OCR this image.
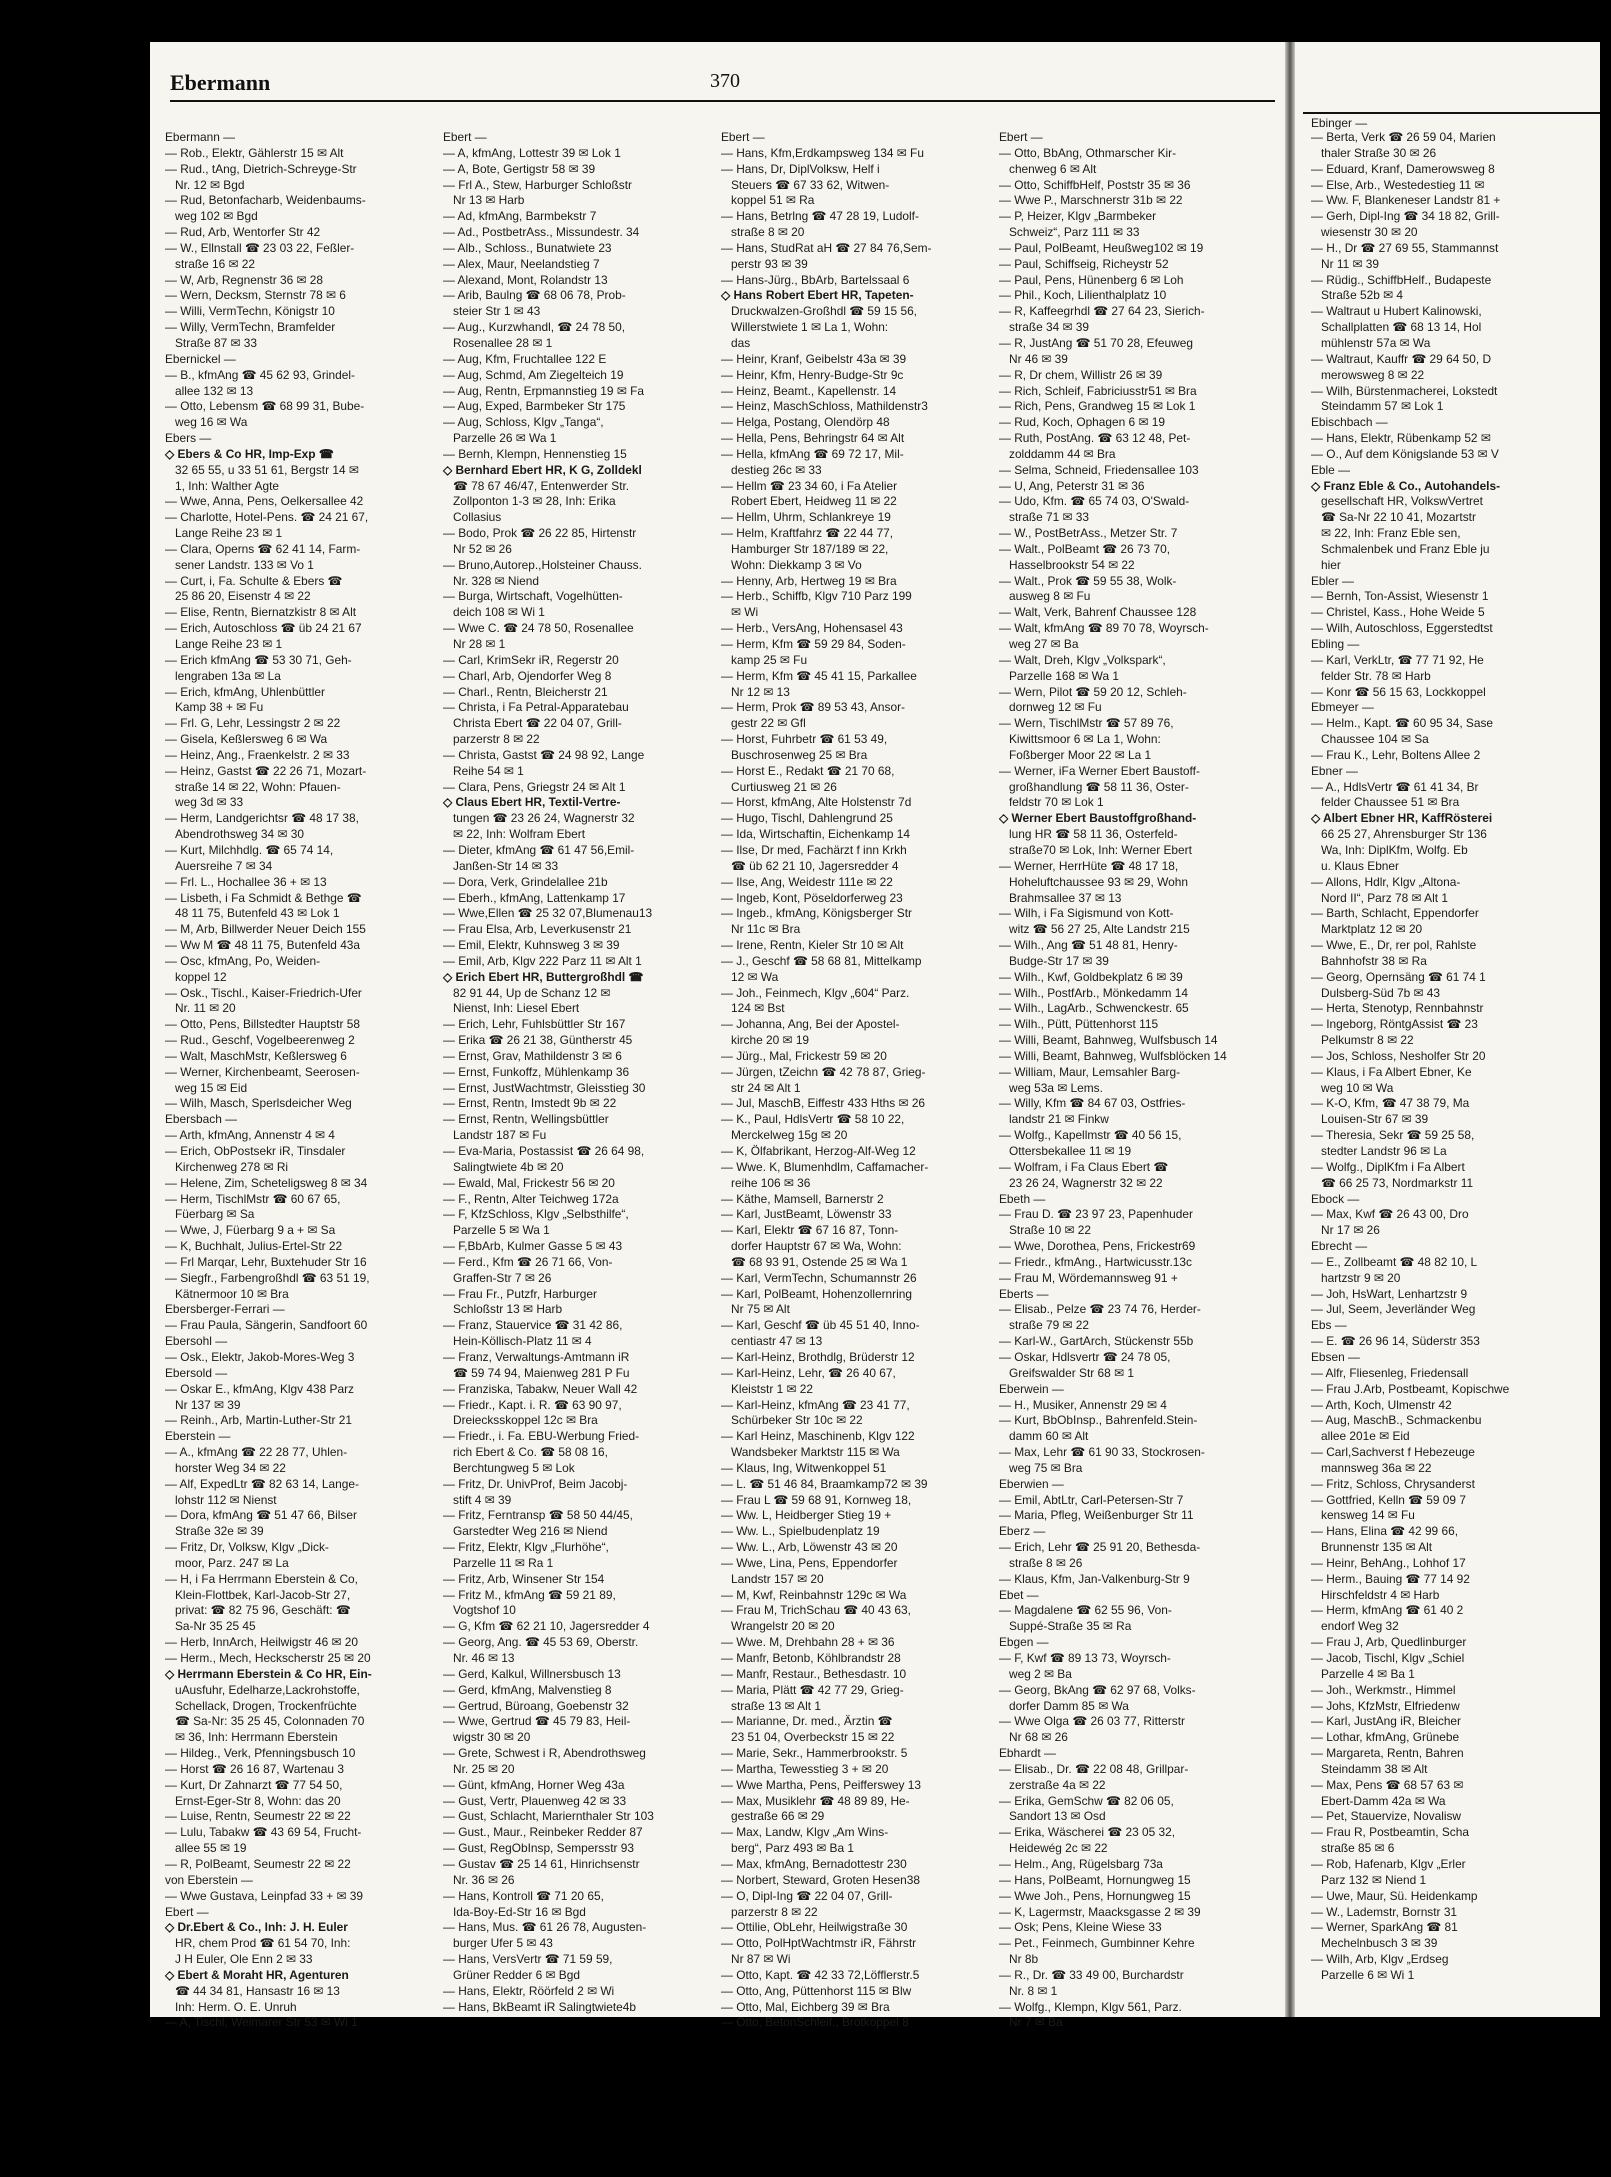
Ebermann	370
Ebermann —
— Rob., Elektr, Gählerstr 15 ✉ Alt
— Rud., tAng, Dietrich-Schreyge-Str
Nr. 12 ✉ Bgd
— Rud, Betonfacharb, Weidenbaums-
weg 102 ✉ Bgd
— Rud, Arb, Wentorfer Str 42
— W., Ellnstall ☎ 23 03 22, Feßler-
straße 16 ✉ 22
— W, Arb, Regnenstr 36 ✉ 28
— Wern, Decksm, Sternstr 78 ✉ 6
— Willi, VermTechn, Königstr 10
— Willy, VermTechn, Bramfelder
Straße 87 ✉ 33
Ebernickel —
— B., kfmAng ☎ 45 62 93, Grindel-
allee 132 ✉ 13
— Otto, Lebensm ☎ 68 99 31, Bube-
weg 16 ✉ Wa
Ebers —
◇ Ebers & Co HR, Imp-Exp ☎
32 65 55, u 33 51 61, Bergstr 14 ✉
1, Inh: Walther Agte
— Wwe, Anna, Pens, Oelkersallee 42
— Charlotte, Hotel-Pens. ☎ 24 21 67,
Lange Reihe 23 ✉ 1
— Clara, Operns ☎ 62 41 14, Farm-
sener Landstr. 133 ✉ Vo 1
— Curt, i, Fa. Schulte & Ebers ☎
25 86 20, Eisenstr 4 ✉ 22
— Elise, Rentn, Biernatzkistr 8 ✉ Alt
— Erich, Autoschloss ☎ üb 24 21 67
Lange Reihe 23 ✉ 1
— Erich kfmAng ☎ 53 30 71, Geh-
lengraben 13a ✉ La
— Erich, kfmAng, Uhlenbüttler
Kamp 38 + ✉ Fu
— Frl. G, Lehr, Lessingstr 2 ✉ 22
— Gisela, Keßlersweg 6 ✉ Wa
— Heinz, Ang., Fraenkelstr. 2 ✉ 33
— Heinz, Gastst ☎ 22 26 71, Mozart-
straße 14 ✉ 22, Wohn: Pfauen-
weg 3d ✉ 33
— Herm, Landgerichtsr ☎ 48 17 38,
Abendrothsweg 34 ✉ 30
— Kurt, Milchhdlg. ☎ 65 74 14,
Auersreihe 7 ✉ 34
— Frl. L., Hochallee 36 + ✉ 13
— Lisbeth, i Fa Schmidt & Bethge ☎
48 11 75, Butenfeld 43 ✉ Lok 1
— M, Arb, Billwerder Neuer Deich 155
— Ww M ☎ 48 11 75, Butenfeld 43a
— Osc, kfmAng, Po, Weiden-
koppel 12
— Osk., Tischl., Kaiser-Friedrich-Ufer
Nr. 11 ✉ 20
— Otto, Pens, Billstedter Hauptstr 58
— Rud., Geschf, Vogelbeerenweg 2
— Walt, MaschMstr, Keßlersweg 6
— Werner, Kirchenbeamt, Seerosen-
weg 15 ✉ Eid
— Wilh, Masch, Sperlsdeicher Weg
Ebersbach —
— Arth, kfmAng, Annenstr 4 ✉ 4
— Erich, ObPostsekr iR, Tinsdaler
Kirchenweg 278 ✉ Ri
— Helene, Zim, Scheteligsweg 8 ✉ 34
— Herm, TischlMstr ☎ 60 67 65,
Füerbarg ✉ Sa
— Wwe, J, Füerbarg 9 a + ✉ Sa
— K, Buchhalt, Julius-Ertel-Str 22
— Frl Marqar, Lehr, Buxtehuder Str 16
— Siegfr., Farbengroßhdl ☎ 63 51 19,
Kätnermoor 10 ✉ Bra
Ebersberger-Ferrari —
— Frau Paula, Sängerin, Sandfoort 60
Ebersohl —
— Osk., Elektr, Jakob-Mores-Weg 3
Ebersold —
— Oskar E., kfmAng, Klgv 438 Parz
Nr 137 ✉ 39
— Reinh., Arb, Martin-Luther-Str 21
Eberstein —
— A., kfmAng ☎ 22 28 77, Uhlen-
horster Weg 34 ✉ 22
— Alf, ExpedLtr ☎ 82 63 14, Lange-
lohstr 112 ✉ Nienst
— Dora, kfmAng ☎ 51 47 66, Bilser
Straße 32e ✉ 39
— Fritz, Dr, Volksw, Klgv „Dick-
moor, Parz. 247 ✉ La
— H, i Fa Herrmann Eberstein & Co,
Klein-Flottbek, Karl-Jacob-Str 27,
privat: ☎ 82 75 96, Geschäft: ☎
Sa-Nr 35 25 45
— Herb, InnArch, Heilwigstr 46 ✉ 20
— Herm., Mech, Heckscherstr 25 ✉ 20
◇ Herrmann Eberstein & Co HR, Ein-
uAusfuhr, Edelharze,Lackrohstoffe,
Schellack, Drogen, Trockenfrüchte
☎ Sa-Nr: 35 25 45, Colonnaden 70
✉ 36, Inh: Herrmann Eberstein
— Hildeg., Verk, Pfenningsbusch 10
— Horst ☎ 26 16 87, Wartenau 3
— Kurt, Dr Zahnarzt ☎ 77 54 50,
Ernst-Eger-Str 8, Wohn: das 20
— Luise, Rentn, Seumestr 22 ✉ 22
— Lulu, Tabakw ☎ 43 69 54, Frucht-
allee 55 ✉ 19
— R, PolBeamt, Seumestr 22 ✉ 22
von Eberstein —
— Wwe Gustava, Leinpfad 33 + ✉ 39
Ebert —
◇ Dr.Ebert & Co., Inh: J. H. Euler
HR, chem Prod ☎ 61 54 70, Inh:
J H Euler, Ole Enn 2 ✉ 33
◇ Ebert & Moraht HR, Agenturen
☎ 44 34 81, Hansastr 16 ✉ 13
Inh: Herm. O. E. Unruh
— A, Tischl, Weimarer Str 53 ✉ Wi 1
Ebert —
— A, kfmAng, Lottestr 39 ✉ Lok 1
— A, Bote, Gertigstr 58 ✉ 39
— Frl A., Stew, Harburger Schloßstr
Nr 13 ✉ Harb
— Ad, kfmAng, Barmbekstr 7
— Ad., PostbetrAss., Missundestr. 34
— Alb., Schloss., Bunatwiete 23
— Alex, Maur, Neelandstieg 7
— Alexand, Mont, Rolandstr 13
— Arib, Baulng ☎ 68 06 78, Prob-
steier Str 1 ✉ 43
— Aug., Kurzwhandl, ☎ 24 78 50,
Rosenallee 28 ✉ 1
— Aug, Kfm, Fruchtallee 122 E
— Aug, Schmd, Am Ziegelteich 19
— Aug, Rentn, Erpmannstieg 19 ✉ Fa
— Aug, Exped, Barmbeker Str 175
— Aug, Schloss, Klgv „Tanga“,
Parzelle 26 ✉ Wa 1
— Bernh, Klempn, Hennenstieg 15
◇ Bernhard Ebert HR, K G, Zolldekl
☎ 78 67 46/47, Entenwerder Str.
Zollponton 1-3 ✉ 28, Inh: Erika
Collasius
— Bodo, Prok ☎ 26 22 85, Hirtenstr
Nr 52 ✉ 26
— Bruno,Autorep.,Holsteiner Chauss.
Nr. 328 ✉ Niend
— Burga, Wirtschaft, Vogelhütten-
deich 108 ✉ Wi 1
— Wwe C. ☎ 24 78 50, Rosenallee
Nr 28 ✉ 1
— Carl, KrimSekr iR, Regerstr 20
— Charl, Arb, Ojendorfer Weg 8
— Charl., Rentn, Bleicherstr 21
— Christa, i Fa Petral-Apparatebau
Christa Ebert ☎ 22 04 07, Grill-
parzerstr 8 ✉ 22
— Christa, Gastst ☎ 24 98 92, Lange
Reihe 54 ✉ 1
— Clara, Pens, Griegstr 24 ✉ Alt 1
◇ Claus Ebert HR, Textil-Vertre-
tungen ☎ 23 26 24, Wagnerstr 32
✉ 22, Inh: Wolfram Ebert
— Dieter, kfmAng ☎ 61 47 56,Emil-
Janßen-Str 14 ✉ 33
— Dora, Verk, Grindelallee 21b
— Eberh., kfmAng, Lattenkamp 17
— Wwe,Ellen ☎ 25 32 07,Blumenau13
— Frau Elsa, Arb, Leverkusenstr 21
— Emil, Elektr, Kuhnsweg 3 ✉ 39
— Emil, Arb, Klgv 222 Parz 11 ✉ Alt 1
◇ Erich Ebert HR, Buttergroßhdl ☎
82 91 44, Up de Schanz 12 ✉
Nienst, Inh: Liesel Ebert
— Erich, Lehr, Fuhlsbüttler Str 167
— Erika ☎ 26 21 38, Güntherstr 45
— Ernst, Grav, Mathildenstr 3 ✉ 6
— Ernst, Funkoffz, Mühlenkamp 36
— Ernst, JustWachtmstr, Gleisstieg 30
— Ernst, Rentn, Imstedt 9b ✉ 22
— Ernst, Rentn, Wellingsbüttler
Landstr 187 ✉ Fu
— Eva-Maria, Postassist ☎ 26 64 98,
Salingtwiete 4b ✉ 20
— Ewald, Mal, Frickestr 56 ✉ 20
— F., Rentn, Alter Teichweg 172a
— F, KfzSchloss, Klgv „Selbsthilfe“,
Parzelle 5 ✉ Wa 1
— F,BbArb, Kulmer Gasse 5 ✉ 43
— Ferd., Kfm ☎ 26 71 66, Von-
Graffen-Str 7 ✉ 26
— Frau Fr., Putzfr, Harburger
Schloßstr 13 ✉ Harb
— Franz, Stauervice ☎ 31 42 86,
Hein-Köllisch-Platz 11 ✉ 4
— Franz, Verwaltungs-Amtmann iR
☎ 59 74 94, Maienweg 281 P Fu
— Franziska, Tabakw, Neuer Wall 42
— Friedr., Kapt. i. R. ☎ 63 90 97,
Dreiecksskoppel 12c ✉ Bra
— Friedr., i. Fa. EBU-Werbung Fried-
rich Ebert & Co. ☎ 58 08 16,
Berchtungweg 5 ✉ Lok
— Fritz, Dr. UnivProf, Beim Jacobj-
stift 4 ✉ 39
— Fritz, Ferntransp ☎ 58 50 44/45,
Garstedter Weg 216 ✉ Niend
— Fritz, Elektr, Klgv „Flurhöhe“,
Parzelle 11 ✉ Ra 1
— Fritz, Arb, Winsener Str 154
— Fritz M., kfmAng ☎ 59 21 89,
Vogtshof 10
— G, Kfm ☎ 62 21 10, Jagersredder 4
— Georg, Ang. ☎ 45 53 69, Oberstr.
Nr. 46 ✉ 13
— Gerd, Kalkul, Willnersbusch 13
— Gerd, kfmAng, Malvenstieg 8
— Gertrud, Büroang, Goebenstr 32
— Wwe, Gertrud ☎ 45 79 83, Heil-
wigstr 30 ✉ 20
— Grete, Schwest i R, Abendrothsweg
Nr. 25 ✉ 20
— Günt, kfmAng, Horner Weg 43a
— Gust, Vertr, Plauenweg 42 ✉ 33
— Gust, Schlacht, Mariernthaler Str 103
— Gust., Maur., Reinbeker Redder 87
— Gust, RegObInsp, Sempersstr 93
— Gustav ☎ 25 14 61, Hinrichsenstr
Nr. 36 ✉ 26
— Hans, Kontroll ☎ 71 20 65,
Ida-Boy-Ed-Str 16 ✉ Bgd
— Hans, Mus. ☎ 61 26 78, Augusten-
burger Ufer 5 ✉ 43
— Hans, VersVertr ☎ 71 59 59,
Grüner Redder 6 ✉ Bgd
— Hans, Elektr, Röörfeld 2 ✉ Wi
— Hans, BkBeamt iR Salingtwiete4b
Ebert —
— Hans, Kfm,Erdkampsweg 134 ✉ Fu
— Hans, Dr, DiplVolksw, Helf i
Steuers ☎ 67 33 62, Witwen-
koppel 51 ✉ Ra
— Hans, Betrlng ☎ 47 28 19, Ludolf-
straße 8 ✉ 20
— Hans, StudRat aH ☎ 27 84 76,Sem-
perstr 93 ✉ 39
— Hans-Jürg., BbArb, Bartelssaal 6
◇ Hans Robert Ebert HR, Tapeten-
Druckwalzen-Großhdl ☎ 59 15 56,
Willerstwiete 1 ✉ La 1, Wohn:
das
— Heinr, Kranf, Geibelstr 43a ✉ 39
— Heinr, Kfm, Henry-Budge-Str 9c
— Heinz, Beamt., Kapellenstr. 14
— Heinz, MaschSchloss, Mathildenstr3
— Helga, Postang, Olendörp 48
— Hella, Pens, Behringstr 64 ✉ Alt
— Hella, kfmAng ☎ 69 72 17, Mil-
destieg 26c ✉ 33
— Hellm ☎ 23 34 60, i Fa Atelier
Robert Ebert, Heidweg 11 ✉ 22
— Hellm, Uhrm, Schlankreye 19
— Helm, Kraftfahrz ☎ 22 44 77,
Hamburger Str 187/189 ✉ 22,
Wohn: Diekkamp 3 ✉ Vo
— Henny, Arb, Hertweg 19 ✉ Bra
— Herb., Schiffb, Klgv 710 Parz 199
✉ Wi
— Herb., VersAng, Hohensasel 43
— Herm, Kfm ☎ 59 29 84, Soden-
kamp 25 ✉ Fu
— Herm, Kfm ☎ 45 41 15, Parkallee
Nr 12 ✉ 13
— Herm, Prok ☎ 89 53 43, Ansor-
gestr 22 ✉ Gfl
— Horst, Fuhrbetr ☎ 61 53 49,
Buschrosenweg 25 ✉ Bra
— Horst E., Redakt ☎ 21 70 68,
Curtiusweg 21 ✉ 26
— Horst, kfmAng, Alte Holstenstr 7d
— Hugo, Tischl, Dahlengrund 25
— Ida, Wirtschaftin, Eichenkamp 14
— Ilse, Dr med, Fachärzt f inn Krkh
☎ üb 62 21 10, Jagersredder 4
— Ilse, Ang, Weidestr 111e ✉ 22
— Ingeb, Kont, Pöseldorferweg 23
— Ingeb., kfmAng, Königsberger Str
Nr 11c ✉ Bra
— Irene, Rentn, Kieler Str 10 ✉ Alt
— J., Geschf ☎ 58 68 81, Mittelkamp
12 ✉ Wa
— Joh., Feinmech, Klgv „604“ Parz.
124 ✉ Bst
— Johanna, Ang, Bei der Apostel-
kirche 20 ✉ 19
— Jürg., Mal, Frickestr 59 ✉ 20
— Jürgen, tZeichn ☎ 42 78 87, Grieg-
str 24 ✉ Alt 1
— Jul, MaschB, Eiffestr 433 Hths ✉ 26
— K., Paul, HdlsVertr ☎ 58 10 22,
Merckelweg 15g ✉ 20
— K, Ölfabrikant, Herzog-Alf-Weg 12
— Wwe. K, Blumenhdlm, Caffamacher-
reihe 106 ✉ 36
— Käthe, Mamsell, Barnerstr 2
— Karl, JustBeamt, Löwenstr 33
— Karl, Elektr ☎ 67 16 87, Tonn-
dorfer Hauptstr 67 ✉ Wa, Wohn:
☎ 68 93 91, Ostende 25 ✉ Wa 1
— Karl, VermTechn, Schumannstr 26
— Karl, PolBeamt, Hohenzollernring
Nr 75 ✉ Alt
— Karl, Geschf ☎ üb 45 51 40, Inno-
centiastr 47 ✉ 13
— Karl-Heinz, Brothdlg, Brüderstr 12
— Karl-Heinz, Lehr, ☎ 26 40 67,
Kleiststr 1 ✉ 22
— Karl-Heinz, kfmAng ☎ 23 41 77,
Schürbeker Str 10c ✉ 22
— Karl Heinz, Maschinenb, Klgv 122
Wandsbeker Marktstr 115 ✉ Wa
— Klaus, Ing, Witwenkoppel 51
— L. ☎ 51 46 84, Braamkamp72 ✉ 39
— Frau L ☎ 59 68 91, Kornweg 18,
— Ww. L, Heidberger Stieg 19 +
— Ww. L., Spielbudenplatz 19
— Ww. L., Arb, Löwenstr 43 ✉ 20
— Wwe, Lina, Pens, Eppendorfer
Landstr 157 ✉ 20
— M, Kwf, Reinbahnstr 129c ✉ Wa
— Frau M, TrichSchau ☎ 40 43 63,
Wrangelstr 20 ✉ 20
— Wwe. M, Drehbahn 28 + ✉ 36
— Manfr, Betonb, Köhlbrandstr 28
— Manfr, Restaur., Bethesdastr. 10
— Maria, Plätt ☎ 42 77 29, Grieg-
straße 13 ✉ Alt 1
— Marianne, Dr. med., Ärztin ☎
23 51 04, Overbeckstr 15 ✉ 22
— Marie, Sekr., Hammerbrookstr. 5
— Martha, Tewesstieg 3 + ✉ 20
— Wwe Martha, Pens, Peifferswey 13
— Max, Musiklehr ☎ 48 89 89, He-
gestraße 66 ✉ 29
— Max, Landw, Klgv „Am Wins-
berg“, Parz 493 ✉ Ba 1
— Max, kfmAng, Bernadottestr 230
— Norbert, Steward, Groten Hesen38
— O, Dipl-Ing ☎ 22 04 07, Grill-
parzerstr 8 ✉ 22
— Ottilie, ObLehr, Heilwigstraße 30
— Otto, PolHptWachtmstr iR, Fährstr
Nr 87 ✉ Wi
— Otto, Kapt. ☎ 42 33 72,Löfflerstr.5
— Otto, Ang, Püttenhorst 115 ✉ Blw
— Otto, Mal, Eichberg 39 ✉ Bra
— Otto, BetonSchleif., Brotkoppel 8
Ebert —
— Otto, BbAng, Othmarscher Kir-
chenweg 6 ✉ Alt
— Otto, SchiffbHelf, Poststr 35 ✉ 36
— Wwe P., Marschnerstr 31b ✉ 22
— P, Heizer, Klgv „Barmbeker
Schweiz“, Parz 111 ✉ 33
— Paul, PolBeamt, Heußweg102 ✉ 19
— Paul, Schiffseig, Richeystr 52
— Paul, Pens, Hünenberg 6 ✉ Loh
— Phil., Koch, Lilienthalplatz 10
— R, Kaffeegrhdl ☎ 27 64 23, Sierich-
straße 34 ✉ 39
— R, JustAng ☎ 51 70 28, Efeuweg
Nr 46 ✉ 39
— R, Dr chem, Willistr 26 ✉ 39
— Rich, Schleif, Fabriciusstr51 ✉ Bra
— Rich, Pens, Grandweg 15 ✉ Lok 1
— Rud, Koch, Ophagen 6 ✉ 19
— Ruth, PostAng. ☎ 63 12 48, Pet-
zolddamm 44 ✉ Bra
— Selma, Schneid, Friedensallee 103
— U, Ang, Peterstr 31 ✉ 36
— Udo, Kfm. ☎ 65 74 03, O'Swald-
straße 71 ✉ 33
— W., PostBetrAss., Metzer Str. 7
— Walt., PolBeamt ☎ 26 73 70,
Hasselbrookstr 54 ✉ 22
— Walt., Prok ☎ 59 55 38, Wolk-
ausweg 8 ✉ Fu
— Walt, Verk, Bahrenf Chaussee 128
— Walt, kfmAng ☎ 89 70 78, Woyrsch-
weg 27 ✉ Ba
— Walt, Dreh, Klgv „Volkspark“,
Parzelle 168 ✉ Wa 1
— Wern, Pilot ☎ 59 20 12, Schleh-
dornweg 12 ✉ Fu
— Wern, TischlMstr ☎ 57 89 76,
Kiwittsmoor 6 ✉ La 1, Wohn:
Foßberger Moor 22 ✉ La 1
— Werner, iFa Werner Ebert Baustoff-
großhandlung ☎ 58 11 36, Oster-
feldstr 70 ✉ Lok 1
◇ Werner Ebert Baustoffgroßhand-
lung HR ☎ 58 11 36, Osterfeld-
straße70 ✉ Lok, Inh: Werner Ebert
— Werner, HerrHüte ☎ 48 17 18,
Hoheluftchaussee 93 ✉ 29, Wohn
Brahmsallee 37 ✉ 13
— Wilh, i Fa Sigismund von Kott-
witz ☎ 56 27 25, Alte Landstr 215
— Wilh., Ang ☎ 51 48 81, Henry-
Budge-Str 17 ✉ 39
— Wilh., Kwf, Goldbekplatz 6 ✉ 39
— Wilh., PostfArb., Mönkedamm 14
— Wilh., LagArb., Schwenckestr. 65
— Wilh., Pütt, Püttenhorst 115
— Willi, Beamt, Bahnweg, Wulfsbusch 14
— Willi, Beamt, Bahnweg, Wulfsblöcken 14
— William, Maur, Lemsahler Barg-
weg 53a ✉ Lems.
— Willy, Kfm ☎ 84 67 03, Ostfries-
landstr 21 ✉ Finkw
— Wolfg., Kapellmstr ☎ 40 56 15,
Ottersbekallee 11 ✉ 19
— Wolfram, i Fa Claus Ebert ☎
23 26 24, Wagnerstr 32 ✉ 22
Ebeth —
— Frau D. ☎ 23 97 23, Papenhuder
Straße 10 ✉ 22
— Wwe, Dorothea, Pens, Frickestr69
— Friedr., kfmAng., Hartwicusstr.13c
— Frau M, Wördemannsweg 91 +
Eberts —
— Elisab., Pelze ☎ 23 74 76, Herder-
straße 79 ✉ 22
— Karl-W., GartArch, Stückenstr 55b
— Oskar, Hdlsvertr ☎ 24 78 05,
Greifswalder Str 68 ✉ 1
Eberwein —
— H., Musiker, Annenstr 29 ✉ 4
— Kurt, BbObInsp., Bahrenfeld.Stein-
damm 60 ✉ Alt
— Max, Lehr ☎ 61 90 33, Stockrosen-
weg 75 ✉ Bra
Eberwien —
— Emil, AbtLtr, Carl-Petersen-Str 7
— Maria, Pfleg, Weißenburger Str 11
Eberz —
— Erich, Lehr ☎ 25 91 20, Bethesda-
straße 8 ✉ 26
— Klaus, Kfm, Jan-Valkenburg-Str 9
Ebet —
— Magdalene ☎ 62 55 96, Von-
Suppé-Straße 35 ✉ Ra
Ebgen —
— F, Kwf ☎ 89 13 73, Woyrsch-
weg 2 ✉ Ba
— Georg, BkAng ☎ 62 97 68, Volks-
dorfer Damm 85 ✉ Wa
— Wwe Olga ☎ 26 03 77, Ritterstr
Nr 68 ✉ 26
Ebhardt —
— Elisab., Dr. ☎ 22 08 48, Grillpar-
zerstraße 4a ✉ 22
— Erika, GemSchw ☎ 82 06 05,
Sandort 13 ✉ Osd
— Erika, Wäscherei ☎ 23 05 32,
Heidewég 2c ✉ 22
— Helm., Ang, Rügelsbarg 73a
— Hans, PolBeamt, Hornungweg 15
— Wwe Joh., Pens, Hornungweg 15
— K, Lagermstr, Maacksgasse 2 ✉ 39
— Osk; Pens, Kleine Wiese 33
— Pet., Feinmech, Gumbinner Kehre
Nr 8b
— R., Dr. ☎ 33 49 00, Burchardstr
Nr. 8 ✉ 1
— Wolfg., Klempn, Klgv 561, Parz.
Nr 7 ✉ Ba
Ebinger —
— Berta, Verk ☎ 26 59 04, Marien
thaler Straße 30 ✉ 26
— Eduard, Kranf, Damerowsweg 8
— Else, Arb., Westedestieg 11 ✉
— Ww. F, Blankeneser Landstr 81 +
— Gerh, Dipl-Ing ☎ 34 18 82, Grill-
wiesenstr 30 ✉ 20
— H., Dr ☎ 27 69 55, Stammannst
Nr 11 ✉ 39
— Rüdig., SchiffbHelf., Budapeste
Straße 52b ✉ 4
— Waltraut u Hubert Kalinowski,
Schallplatten ☎ 68 13 14, Hol
mühlenstr 57a ✉ Wa
— Waltraut, Kauffr ☎ 29 64 50, D
merowsweg 8 ✉ 22
— Wilh, Bürstenmacherei, Lokstedt
Steindamm 57 ✉ Lok 1
Ebischbach —
— Hans, Elektr, Rübenkamp 52 ✉
— O., Auf dem Königslande 53 ✉ V
Eble —
◇ Franz Eble & Co., Autohandels-
gesellschaft HR, VolkswVertret
☎ Sa-Nr 22 10 41, Mozartstr
✉ 22, Inh: Franz Eble sen,
Schmalenbek und Franz Eble ju
hier
Ebler —
— Bernh, Ton-Assist, Wiesenstr 1
— Christel, Kass., Hohe Weide 5
— Wilh, Autoschloss, Eggerstedtst
Ebling —
— Karl, VerkLtr, ☎ 77 71 92, He
felder Str. 78 ✉ Harb
— Konr ☎ 56 15 63, Lockkoppel
Ebmeyer —
— Helm., Kapt. ☎ 60 95 34, Sase
Chaussee 104 ✉ Sa
— Frau K., Lehr, Boltens Allee 2
Ebner —
— A., HdlsVertr ☎ 61 41 34, Br
felder Chaussee 51 ✉ Bra
◇ Albert Ebner HR, KaffRösterei
66 25 27, Ahrensburger Str 136
Wa, Inh: DiplKfm, Wolfg. Eb
u. Klaus Ebner
— Allons, Hdlr, Klgv „Altona-
Nord II“, Parz 78 ✉ Alt 1
— Barth, Schlacht, Eppendorfer
Marktplatz 12 ✉ 20
— Wwe, E., Dr, rer pol, Rahlste
Bahnhofstr 38 ✉ Ra
— Georg, Opernsäng ☎ 61 74 1
Dulsberg-Süd 7b ✉ 43
— Herta, Stenotyp, Rennbahnstr
— Ingeborg, RöntgAssist ☎ 23
Pelkumstr 8 ✉ 22
— Jos, Schloss, Nesholfer Str 20
— Klaus, i Fa Albert Ebner, Ke
weg 10 ✉ Wa
— K-O, Kfm, ☎ 47 38 79, Ma
Louisen-Str 67 ✉ 39
— Theresia, Sekr ☎ 59 25 58,
stedter Landstr 96 ✉ La
— Wolfg., DiplKfm i Fa Albert
☎ 66 25 73, Nordmarkstr 11
Ebock —
— Max, Kwf ☎ 26 43 00, Dro
Nr 17 ✉ 26
Ebrecht —
— E., Zollbeamt ☎ 48 82 10, L
hartzstr 9 ✉ 20
— Joh, HsWart, Lenhartzstr 9
— Jul, Seem, Jeverländer Weg
Ebs —
— E. ☎ 26 96 14, Süderstr 353
Ebsen —
— Alfr, Fliesenleg, Friedensall
— Frau J.Arb, Postbeamt, Kopischwe
— Arth, Koch, Ulmenstr 42
— Aug, MaschB., Schmackenbu
allee 201e ✉ Eid
— Carl,Sachverst f Hebezeuge
mannsweg 36a ✉ 22
— Fritz, Schloss, Chrysanderst
— Gottfried, Kelln ☎ 59 09 7
kensweg 14 ✉ Fu
— Hans, Elina ☎ 42 99 66,
Brunnenstr 135 ✉ Alt
— Heinr, BehAng., Lohhof 17
— Herm., Bauing ☎ 77 14 92
Hirschfeldstr 4 ✉ Harb
— Herm, kfmAng ☎ 61 40 2
endorf Weg 32
— Frau J, Arb, Quedlinburger
— Jacob, Tischl, Klgv „Schiel
Parzelle 4 ✉ Ba 1
— Joh., Werkmstr., Himmel
— Johs, KfzMstr, Elfriedenw
— Karl, JustAng iR, Bleicher
— Lothar, kfmAng, Grünebe
— Margareta, Rentn, Bahren
Steindamm 38 ✉ Alt
— Max, Pens ☎ 68 57 63 ✉
Ebert-Damm 42a ✉ Wa
— Pet, Stauervize, Novalisw
— Frau R, Postbeamtin, Scha
straße 85 ✉ 6
— Rob, Hafenarb, Klgv „Erler
Parz 132 ✉ Niend 1
— Uwe, Maur, Sü. Heidenkamp
— W., Lademstr, Bornstr 31
— Werner, SparkAng ☎ 81
Mechelnbusch 3 ✉ 39
— Wilh, Arb, Klgv „Erdseg
Parzelle 6 ✉ Wi 1
